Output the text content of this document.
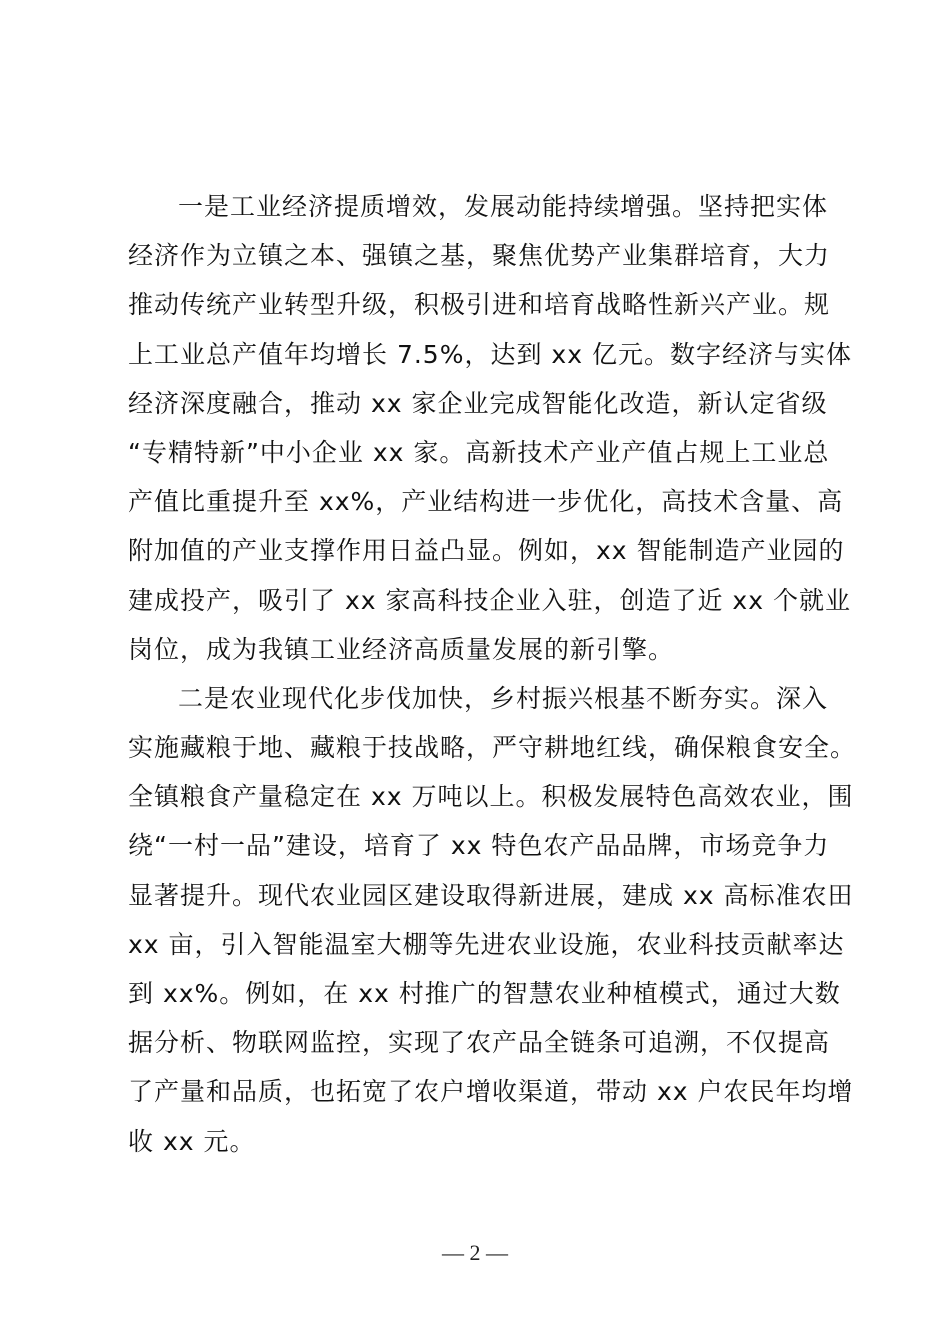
一是工业经济提质增效，发展动能持续增强。坚持把实体
经济作为立镇之本、强镇之基，聚焦优势产业集群培育，大力
推动传统产业转型升级，积极引进和培育战略性新兴产业。规
上工业总产值年均增长 7.5%，达到 xx 亿元。数字经济与实体
经济深度融合，推动 xx 家企业完成智能化改造，新认定省级
“专精特新”中小企业 xx 家。高新技术产业产值占规上工业总
产值比重提升至 xx%，产业结构进一步优化，高技术含量、高
附加值的产业支撑作用日益凸显。例如，xx 智能制造产业园的
建成投产，吸引了 xx 家高科技企业入驻，创造了近 xx 个就业
岗位，成为我镇工业经济高质量发展的新引擎。
二是农业现代化步伐加快，乡村振兴根基不断夯实。深入
实施藏粮于地、藏粮于技战略，严守耕地红线，确保粮食安全。
全镇粮食产量稳定在 xx 万吨以上。积极发展特色高效农业，围
绕“一村一品”建设，培育了 xx 特色农产品品牌，市场竞争力
显著提升。现代农业园区建设取得新进展，建成 xx 高标准农田
xx 亩，引入智能温室大棚等先进农业设施，农业科技贡献率达
到 xx%。例如，在 xx 村推广的智慧农业种植模式，通过大数
据分析、物联网监控，实现了农产品全链条可追溯，不仅提高
了产量和品质，也拓宽了农户增收渠道，带动 xx 户农民年均增
收 xx 元。
— 2 —
